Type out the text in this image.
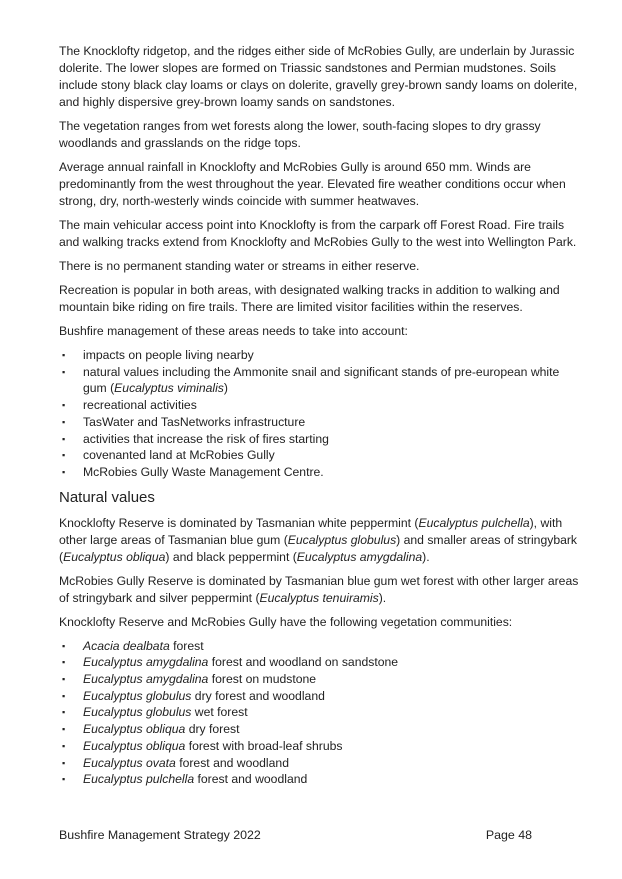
The Knocklofty ridgetop, and the ridges either side of McRobies Gully, are underlain by Jurassic dolerite. The lower slopes are formed on Triassic sandstones and Permian mudstones. Soils include stony black clay loams or clays on dolerite, gravelly grey-brown sandy loams on dolerite, and highly dispersive grey-brown loamy sands on sandstones.

The vegetation ranges from wet forests along the lower, south-facing slopes to dry grassy woodlands and grasslands on the ridge tops.

Average annual rainfall in Knocklofty and McRobies Gully is around 650 mm. Winds are predominantly from the west throughout the year. Elevated fire weather conditions occur when strong, dry, north-westerly winds coincide with summer heatwaves.

The main vehicular access point into Knocklofty is from the carpark off Forest Road. Fire trails and walking tracks extend from Knocklofty and McRobies Gully to the west into Wellington Park.

There is no permanent standing water or streams in either reserve.

Recreation is popular in both areas, with designated walking tracks in addition to walking and mountain bike riding on fire trails. There are limited visitor facilities within the reserves.

Bushfire management of these areas needs to take into account:

▪ impacts on people living nearby
▪ natural values including the Ammonite snail and significant stands of pre-european white gum (Eucalyptus viminalis)
▪ recreational activities
▪ TasWater and TasNetworks infrastructure
▪ activities that increase the risk of fires starting
▪ covenanted land at McRobies Gully
▪ McRobies Gully Waste Management Centre.
Natural values

Knocklofty Reserve is dominated by Tasmanian white peppermint (Eucalyptus pulchella), with other large areas of Tasmanian blue gum (Eucalyptus globulus) and smaller areas of stringybark (Eucalyptus obliqua) and black peppermint (Eucalyptus amygdalina).

McRobies Gully Reserve is dominated by Tasmanian blue gum wet forest with other larger areas of stringybark and silver peppermint (Eucalyptus tenuiramis).

Knocklofty Reserve and McRobies Gully have the following vegetation communities:

▪ Acacia dealbata forest
▪ Eucalyptus amygdalina forest and woodland on sandstone
▪ Eucalyptus amygdalina forest on mudstone
▪ Eucalyptus globulus dry forest and woodland
▪ Eucalyptus globulus wet forest
▪ Eucalyptus obliqua dry forest
▪ Eucalyptus obliqua forest with broad-leaf shrubs
▪ Eucalyptus ovata forest and woodland
▪ Eucalyptus pulchella forest and woodland
Bushfire Management Strategy 2022	Page 48
